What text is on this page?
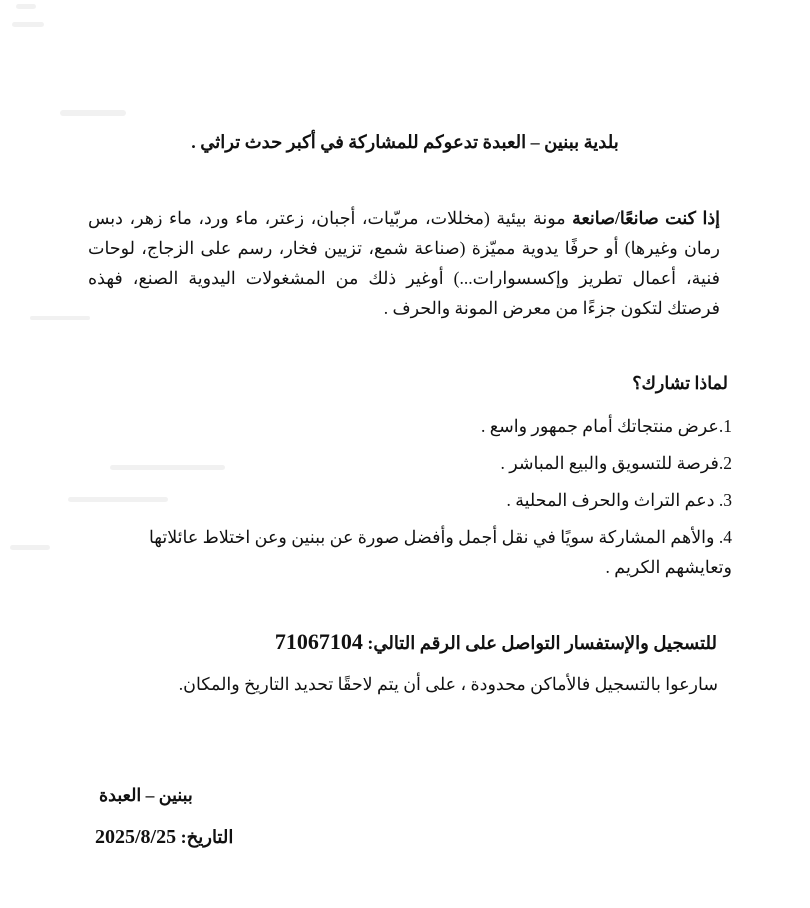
بلدية ببنين – العبدة تدعوكم للمشاركة في أكبر حدث تراثي .

إذا كنت صانعًا/صانعة مونة بيئية (مخللات، مربّيات، أجبان، زعتر، ماء ورد، ماء زهر، دبس رمان وغيرها) أو حرفًا يدوية مميّزة (صناعة شمع، تزيين فخار، رسم على الزجاج، لوحات فنية، أعمال تطريز وإكسسوارات...) أوغير ذلك من المشغولات اليدوية الصنع، فهذه فرصتك لتكون جزءًا من معرض المونة والحرف .

لماذا تشارك؟
1.عرض منتجاتك أمام جمهور واسع .
2.فرصة للتسويق والبيع المباشر .
3. دعم التراث والحرف المحلية .
4. والأهم المشاركة سويًا في نقل أجمل وأفضل صورة عن ببنين وعن اختلاط عائلاتها وتعايشهم الكريم .
للتسجيل والإستفسار التواصل على الرقم التالي: 71067104
سارعوا بالتسجيل فالأماكن محدودة ، على أن يتم لاحقًا تحديد التاريخ والمكان.
ببنين – العبدة
التاريخ: 2025/8/25
